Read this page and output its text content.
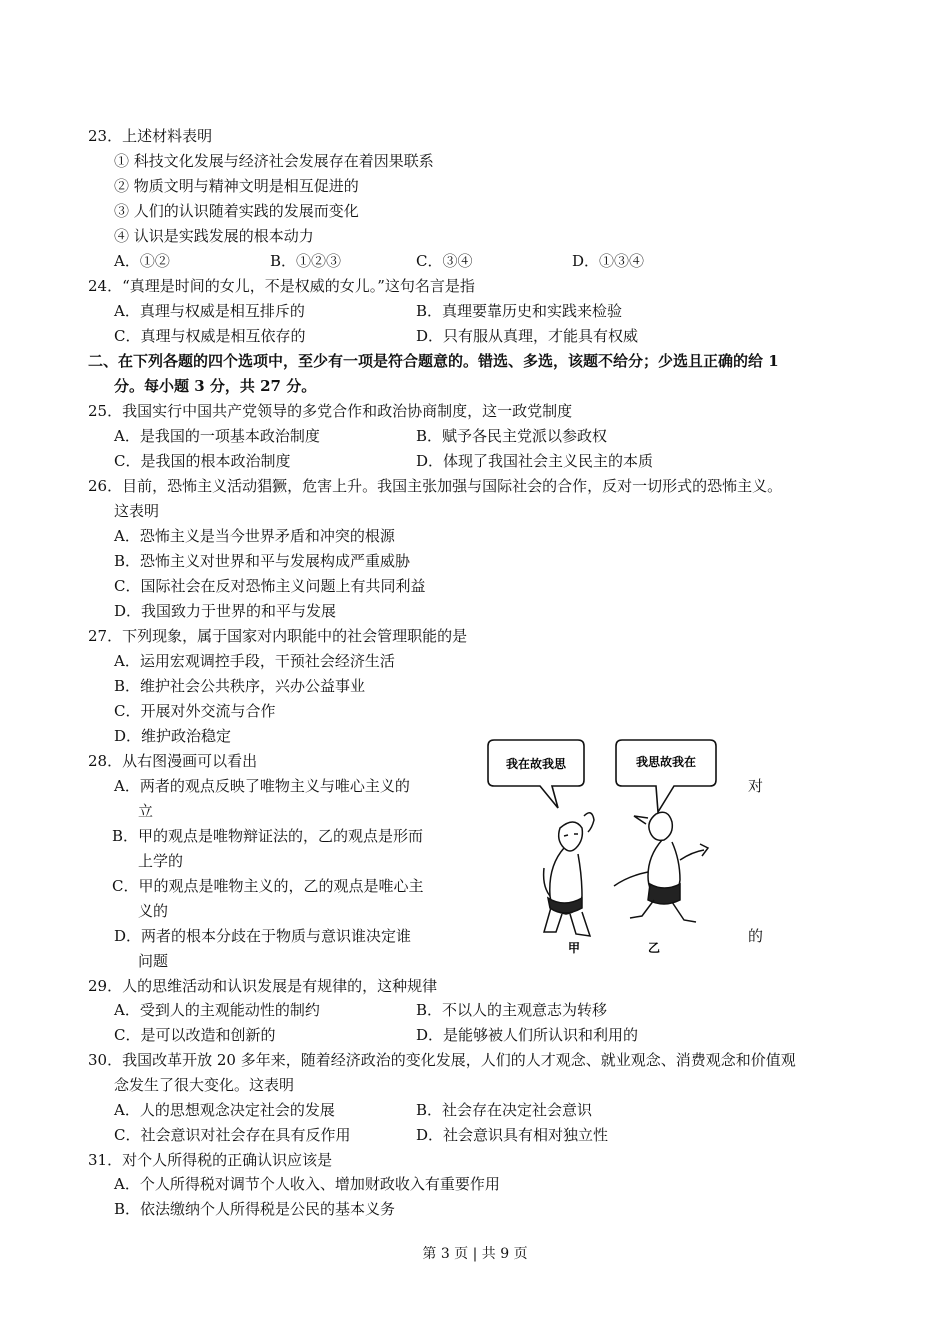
23．上述材料表明
① 科技文化发展与经济社会发展存在着因果联系
② 物质文明与精神文明是相互促进的
③ 人们的认识随着实践的发展而变化
④ 认识是实践发展的根本动力
A．①②	B．①②③	C．③④	D．①③④
24．“真理是时间的女儿，不是权威的女儿。”这句名言是指
A．真理与权威是相互排斥的	B．真理要靠历史和实践来检验
C．真理与权威是相互依存的	D．只有服从真理，才能具有权威
二、在下列各题的四个选项中，至少有一项是符合题意的。错选、多选，该题不给分；少选且正确的给 1
分。每小题 3 分，共 27 分。
25．我国实行中国共产党领导的多党合作和政治协商制度，这一政党制度
A．是我国的一项基本政治制度	B．赋予各民主党派以参政权
C．是我国的根本政治制度	D．体现了我国社会主义民主的本质
26．目前，恐怖主义活动猖獗，危害上升。我国主张加强与国际社会的合作，反对一切形式的恐怖主义。
这表明
A．恐怖主义是当今世界矛盾和冲突的根源
B．恐怖主义对世界和平与发展构成严重威胁
C．国际社会在反对恐怖主义问题上有共同利益
D．我国致力于世界的和平与发展
27．下列现象，属于国家对内职能中的社会管理职能的是
A．运用宏观调控手段，干预社会经济生活
B．维护社会公共秩序，兴办公益事业
C．开展对外交流与合作
D．维护政治稳定
28．从右图漫画可以看出
A．两者的观点反映了唯物主义与唯心主义的	对
立
B．甲的观点是唯物辩证法的，乙的观点是形而
上学的
C．甲的观点是唯物主义的，乙的观点是唯心主
义的
D．两者的根本分歧在于物质与意识谁决定谁	的
问题
我在故我思	我思故我在
甲	乙
29．人的思维活动和认识发展是有规律的，这种规律
A．受到人的主观能动性的制约	B．不以人的主观意志为转移
C．是可以改造和创新的	D．是能够被人们所认识和利用的
30．我国改革开放 20 多年来，随着经济政治的变化发展，人们的人才观念、就业观念、消费观念和价值观
念发生了很大变化。这表明
A．人的思想观念决定社会的发展	B．社会存在决定社会意识
C．社会意识对社会存在具有反作用	D．社会意识具有相对独立性
31．对个人所得税的正确认识应该是
A．个人所得税对调节个人收入、增加财政收入有重要作用
B．依法缴纳个人所得税是公民的基本义务
第 3 页 | 共 9 页
